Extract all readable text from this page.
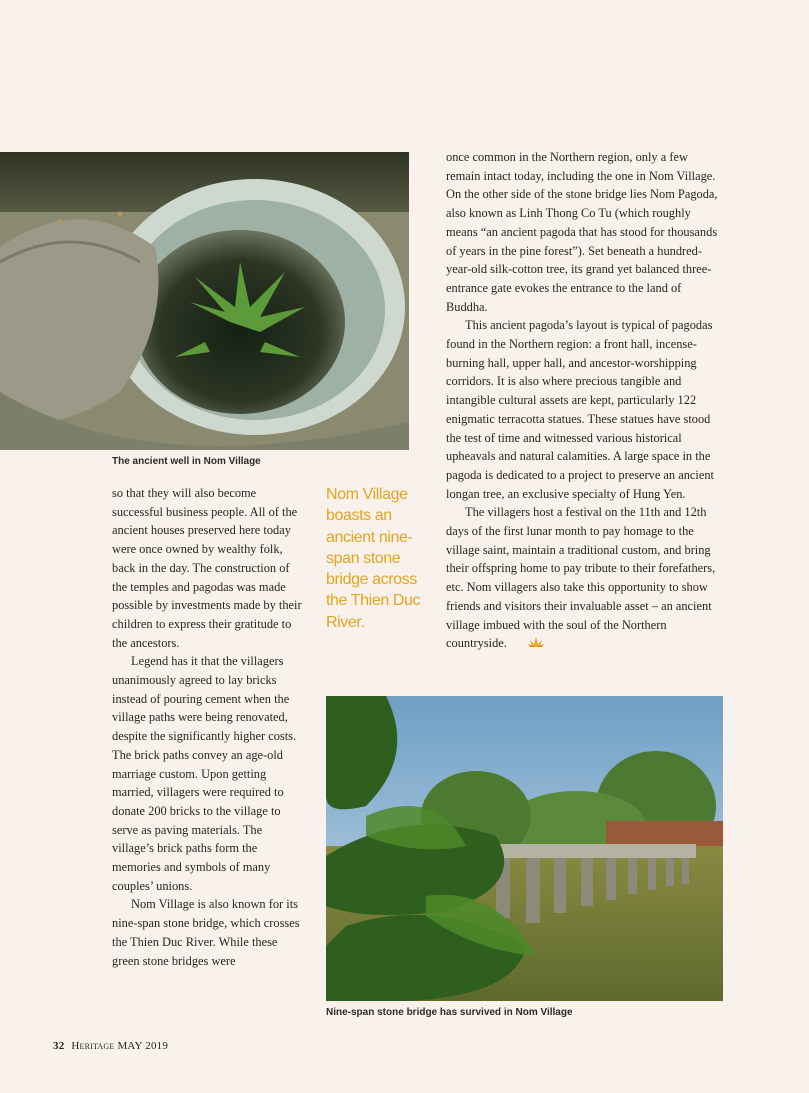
The ancient well in Nom Village
Nom Village boasts an ancient nine-span stone bridge across the Thien Duc River.

so that they will also become successful business people. All of the ancient houses preserved here today were once owned by wealthy folk, back in the day. The construction of the temples and pagodas was made possible by investments made by their children to express their gratitude to the ancestors.

Legend has it that the villagers unanimously agreed to lay bricks instead of pouring cement when the village paths were being renovated, despite the significantly higher costs. The brick paths convey an age-old marriage custom. Upon getting married, villagers were required to donate 200 bricks to the village to serve as paving materials. The village’s brick paths form the memories and symbols of many couples’ unions.

Nom Village is also known for its nine-span stone bridge, which crosses the Thien Duc River. While these green stone bridges were

once common in the Northern region, only a few remain intact today, including the one in Nom Village. On the other side of the stone bridge lies Nom Pagoda, also known as Linh Thong Co Tu (which roughly means “an ancient pagoda that has stood for thousands of years in the pine forest”). Set beneath a hundred-year-old silk-cotton tree, its grand yet balanced three-entrance gate evokes the entrance to the land of Buddha.

This ancient pagoda’s layout is typical of pagodas found in the Northern region: a front hall, incense-burning hall, upper hall, and ancestor-worshipping corridors. It is also where precious tangible and intangible cultural assets are kept, particularly 122 enigmatic terracotta statues. These statues have stood the test of time and witnessed various historical upheavals and natural calamities. A large space in the pagoda is dedicated to a project to preserve an ancient longan tree, an exclusive specialty of Hung Yen.

The villagers host a festival on the 11th and 12th days of the first lunar month to pay homage to the village saint, maintain a traditional custom, and bring their offspring home to pay tribute to their forefathers, etc. Nom villagers also take this opportunity to show friends and visitors their invaluable asset – an ancient village imbued with the soul of the Northern countryside.

Nine-span stone bridge has survived in Nom Village
32 Heritage MAY 2019
